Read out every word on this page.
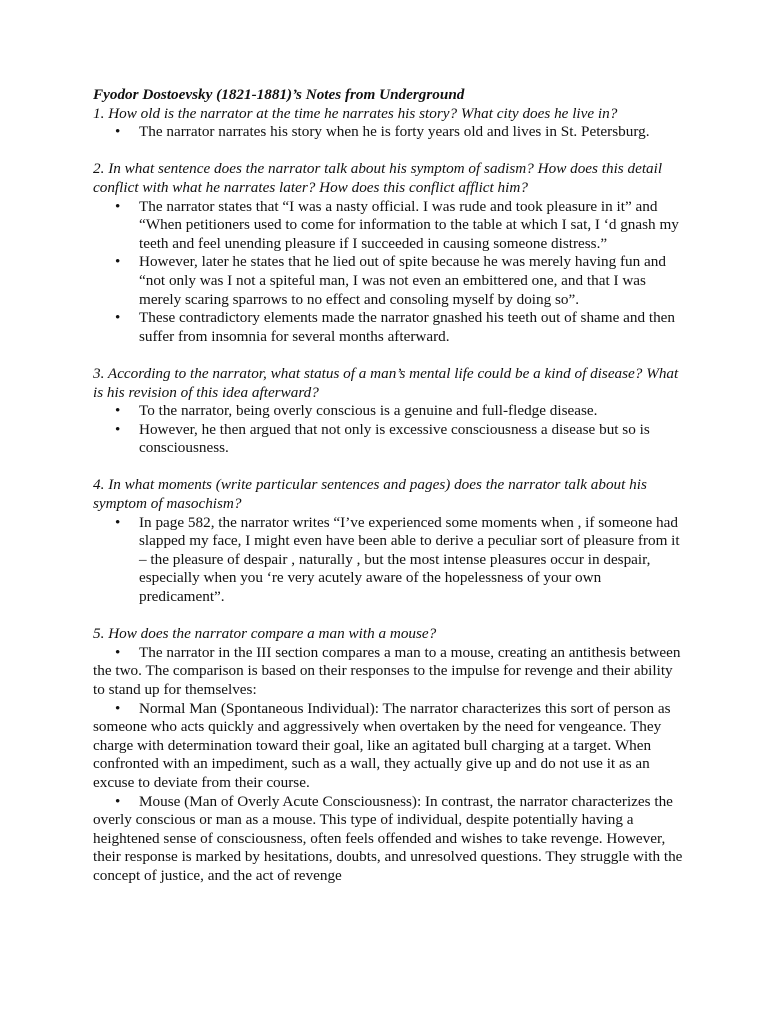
Fyodor Dostoevsky (1821-1881)’s Notes from Underground

1. How old is the narrator at the time he narrates his story? What city does he live in?

• The narrator narrates his story when he is forty years old and lives in St. Petersburg.

2. In what sentence does the narrator talk about his symptom of sadism? How does this detail conflict with what he narrates later? How does this conflict afflict him?

• The narrator states that “I was a nasty official. I was rude and took pleasure in it” and “When petitioners used to come for information to the table at which I sat, I ‘d gnash my teeth and feel unending pleasure if I succeeded in causing someone distress.”
• However, later he states that he lied out of spite because he was merely having fun and “not only was I not a spiteful man, I was not even an embittered one, and that I was merely scaring sparrows to no effect and consoling myself by doing so”.
• These contradictory elements made the narrator gnashed his teeth out of shame and then suffer from insomnia for several months afterward.

3. According to the narrator, what status of a man’s mental life could be a kind of disease? What is his revision of this idea afterward?

• To the narrator, being overly conscious is a genuine and full-fledge disease.
• However, he then argued that not only is excessive consciousness a disease but so is consciousness.

4. In what moments (write particular sentences and pages) does the narrator talk about his symptom of masochism?

• In page 582, the narrator writes “I’ve experienced some moments when , if someone had slapped my face, I might even have been able to derive a peculiar sort of pleasure from it – the pleasure of despair , naturally , but the most intense pleasures occur in despair, especially when you ‘re very acutely aware of the hopelessness of your own predicament”.

5. How does the narrator compare a man with a mouse?

• The narrator in the III section compares a man to a mouse, creating an antithesis between the two. The comparison is based on their responses to the impulse for revenge and their ability to stand up for themselves:

• Normal Man (Spontaneous Individual): The narrator characterizes this sort of person as someone who acts quickly and aggressively when overtaken by the need for vengeance. They charge with determination toward their goal, like an agitated bull charging at a target. When confronted with an impediment, such as a wall, they actually give up and do not use it as an excuse to deviate from their course.

• Mouse (Man of Overly Acute Consciousness): In contrast, the narrator characterizes the overly conscious or man as a mouse. This type of individual, despite potentially having a heightened sense of consciousness, often feels offended and wishes to take revenge. However, their response is marked by hesitations, doubts, and unresolved questions. They struggle with the concept of justice, and the act of revenge
